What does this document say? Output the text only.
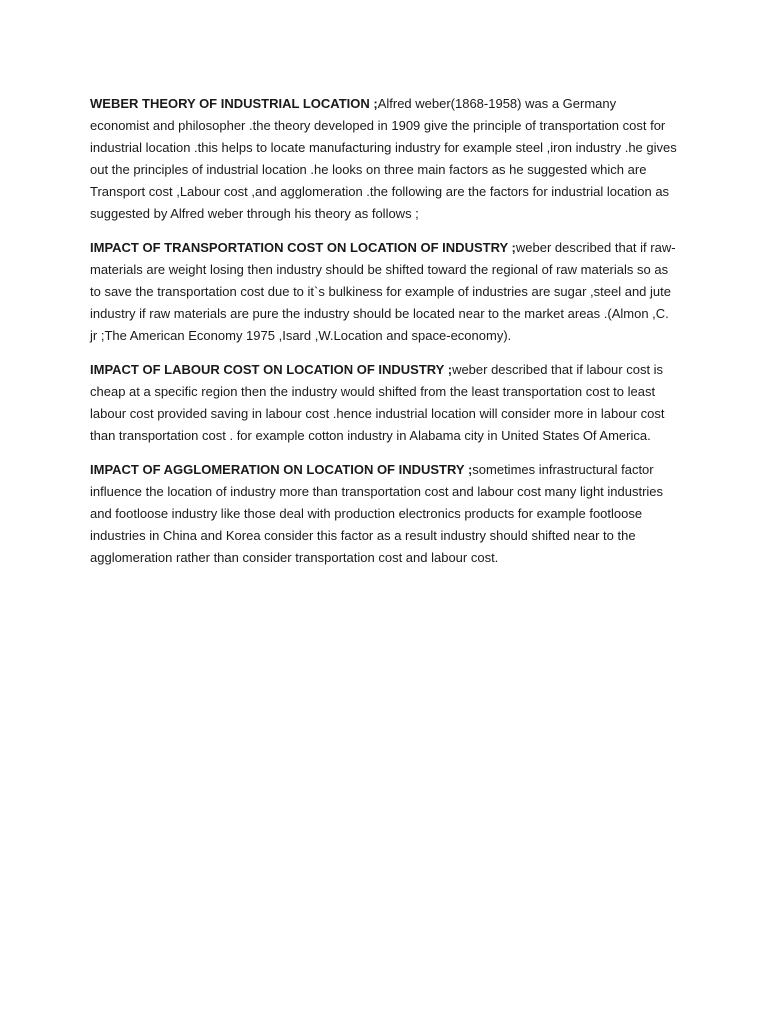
WEBER THEORY OF INDUSTRIAL LOCATION ;Alfred weber(1868-1958) was a Germany economist and philosopher .the theory developed in 1909 give the principle of transportation cost for industrial location .this helps to locate manufacturing industry for example steel ,iron industry .he gives out the principles of industrial location .he looks on three main factors as he suggested which are Transport cost ,Labour cost ,and agglomeration .the following are the factors for industrial location as suggested by Alfred weber through his theory as follows ;

IMPACT OF TRANSPORTATION COST ON LOCATION OF INDUSTRY ;weber described that if raw-materials are weight losing then industry should be shifted toward the regional of raw materials so as to save the transportation cost due to it`s bulkiness for example of industries are sugar ,steel and jute industry if raw materials are pure the industry should be located near to the market areas .(Almon ,C. jr ;The American Economy 1975 ,Isard ,W.Location and space-economy).

IMPACT OF LABOUR COST ON LOCATION OF INDUSTRY ;weber described that if labour cost is cheap at a specific region then the industry would shifted from the least transportation cost to least labour cost provided saving in labour cost .hence industrial location will consider more in labour cost than transportation cost . for example cotton industry in Alabama city in United States Of America.

IMPACT OF AGGLOMERATION ON LOCATION OF INDUSTRY ;sometimes infrastructural factor influence the location of industry more than transportation cost and labour cost many light industries and footloose industry like those deal with production electronics products for example footloose industries in China and Korea consider this factor as a result industry should shifted near to the agglomeration rather than consider transportation cost and labour cost.
